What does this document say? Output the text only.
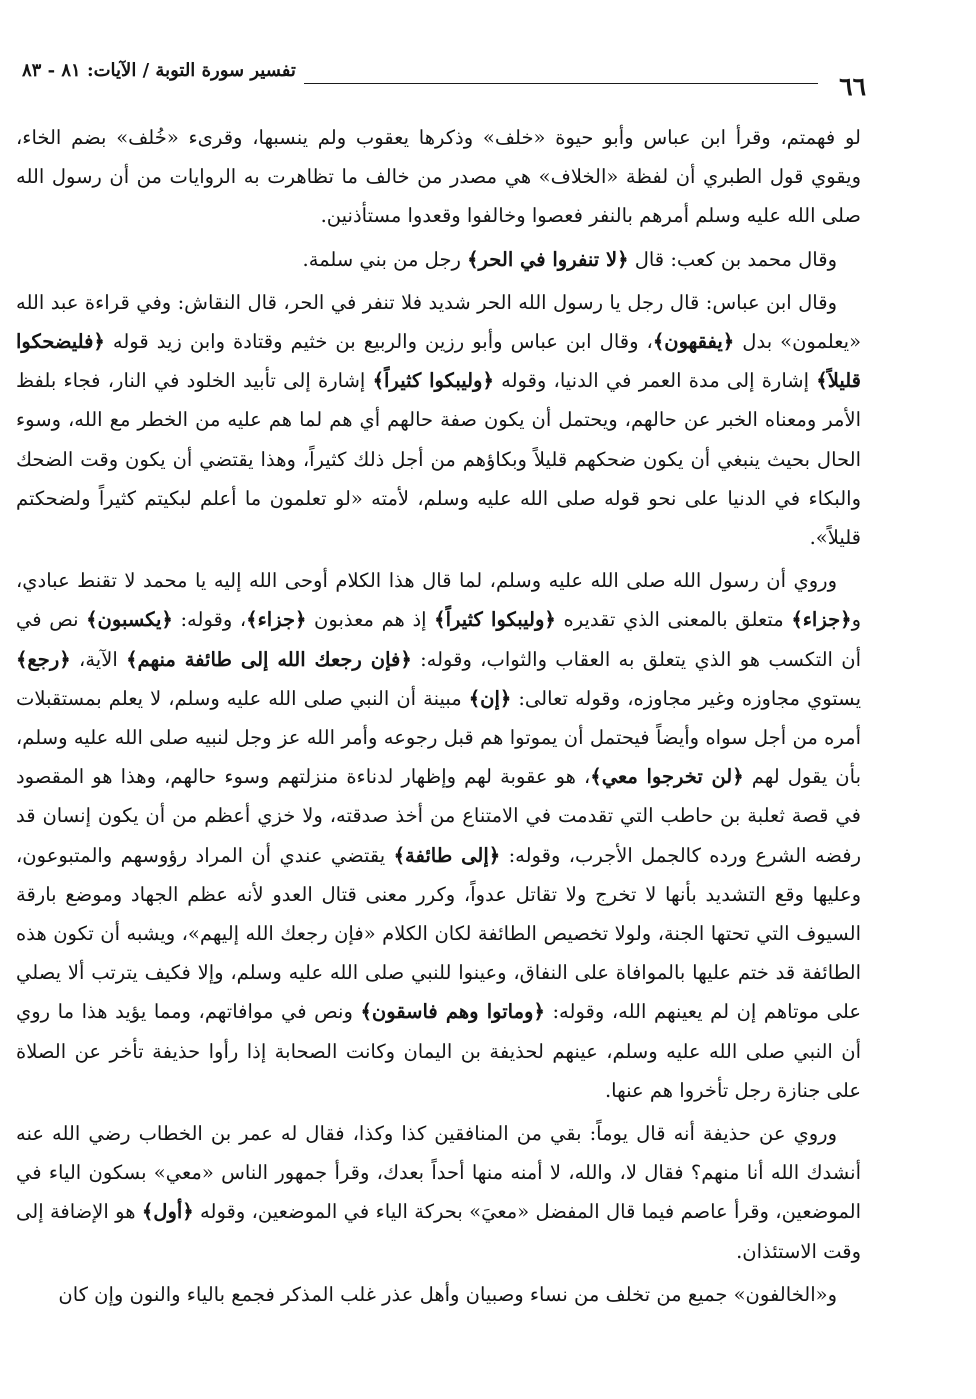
٦٦
تفسير سورة التوبة / الآيات: ٨١ - ٨٣

لو فهمتم، وقرأ ابن عباس وأبو حيوة «خلف» وذكرها يعقوب ولم ينسبها، وقرىء «خُلف» بضم الخاء، ويقوي قول الطبري أن لفظة «الخلاف» هي مصدر من خالف ما تظاهرت به الروايات من أن رسول الله صلى الله عليه وسلم أمرهم بالنفر فعصوا وخالفوا وقعدوا مستأذنين.

وقال محمد بن كعب: قال ﴿لا تنفروا في الحر﴾ رجل من بني سلمة.

وقال ابن عباس: قال رجل يا رسول الله الحر شديد فلا تنفر في الحر، قال النقاش: وفي قراءة عبد الله «يعلمون» بدل ﴿يفقهون﴾، وقال ابن عباس وأبو رزين والربيع بن خثيم وقتادة وابن زيد قوله ﴿فليضحكوا قليلاً﴾ إشارة إلى مدة العمر في الدنيا، وقوله ﴿وليبكوا كثيراً﴾ إشارة إلى تأبيد الخلود في النار، فجاء بلفظ الأمر ومعناه الخبر عن حالهم، ويحتمل أن يكون صفة حالهم أي هم لما هم عليه من الخطر مع الله، وسوء الحال بحيث ينبغي أن يكون ضحكهم قليلاً وبكاؤهم من أجل ذلك كثيراً، وهذا يقتضي أن يكون وقت الضحك والبكاء في الدنيا على نحو قوله صلى الله عليه وسلم، لأمته «لو تعلمون ما أعلم لبكيتم كثيراً ولضحكتم قليلاً».

وروي أن رسول الله صلى الله عليه وسلم، لما قال هذا الكلام أوحى الله إليه يا محمد لا تقنط عبادي، و﴿جزاء﴾ متعلق بالمعنى الذي تقديره ﴿وليبكوا كثيراً﴾ إذ هم معذبون ﴿جزاء﴾، وقوله: ﴿يكسبون﴾ نص في أن التكسب هو الذي يتعلق به العقاب والثواب، وقوله: ﴿فإن رجعك الله إلى طائفة منهم﴾ الآية، ﴿رجع﴾ يستوي مجاوزه وغير مجاوزه، وقوله تعالى: ﴿إن﴾ مبينة أن النبي صلى الله عليه وسلم، لا يعلم بمستقبلات أمره من أجل سواه وأيضاً فيحتمل أن يموتوا هم قبل رجوعه وأمر الله عز وجل لنبيه صلى الله عليه وسلم، بأن يقول لهم ﴿لن تخرجوا معي﴾، هو عقوبة لهم وإظهار لدناءة منزلتهم وسوء حالهم، وهذا هو المقصود في قصة ثعلبة بن حاطب التي تقدمت في الامتناع من أخذ صدقته، ولا خزي أعظم من أن يكون إنسان قد رفضه الشرع ورده كالجمل الأجرب، وقوله: ﴿إلى طائفة﴾ يقتضي عندي أن المراد رؤوسهم والمتبوعون، وعليها وقع التشديد بأنها لا تخرج ولا تقاتل عدواً، وكرر معنى قتال العدو لأنه عظم الجهاد وموضع بارقة السيوف التي تحتها الجنة، ولولا تخصيص الطائفة لكان الكلام «فإن رجعك الله إليهم»، ويشبه أن تكون هذه الطائفة قد ختم عليها بالموافاة على النفاق، وعينوا للنبي صلى الله عليه وسلم، وإلا فكيف يترتب ألا يصلي على موتاهم إن لم يعينهم الله، وقوله: ﴿وماتوا وهم فاسقون﴾ ونص في موافاتهم، ومما يؤيد هذا ما روي أن النبي صلى الله عليه وسلم، عينهم لحذيفة بن اليمان وكانت الصحابة إذا رأوا حذيفة تأخر عن الصلاة على جنازة رجل تأخروا هم عنها.

وروي عن حذيفة أنه قال يوماً: بقي من المنافقين كذا وكذا، فقال له عمر بن الخطاب رضي الله عنه أنشدك الله أنا منهم؟ فقال لا، والله، لا أمنه منها أحداً بعدك، وقرأ جمهور الناس «معي» بسكون الياء في الموضعين، وقرأ عاصم فيما قال المفضل «معيَ» بحركة الياء في الموضعين، وقوله ﴿أول﴾ هو الإضافة إلى وقت الاستئذان.

و«الخالفون» جميع من تخلف من نساء وصبيان وأهل عذر غلب المذكر فجمع بالياء والنون وإن كان
